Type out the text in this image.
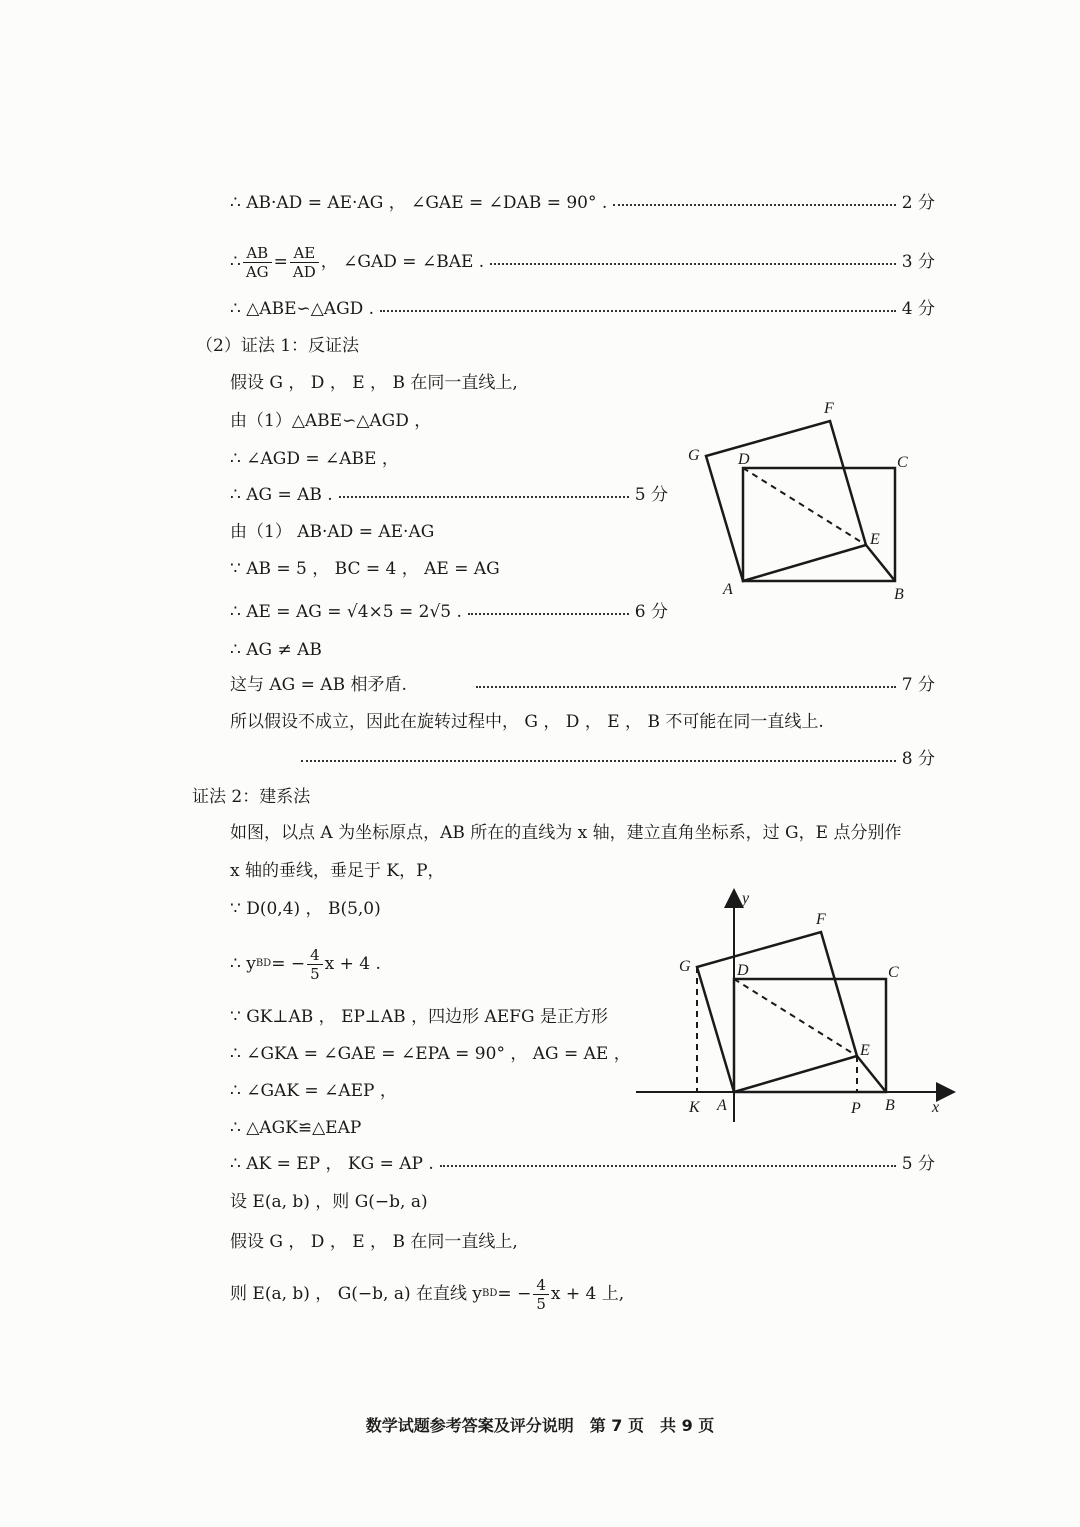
∴ AB·AD = AE·AG ， ∠GAE = ∠DAB = 90° .	2 分
∴ $\frac{AB}{AG} = \frac{AE}{AD}$ ， ∠GAD = ∠BAE .	3 分
∴ △ABE∽△AGD .	4 分
（2）证法 1：反证法
假设 G ， D ， E ， B 在同一直线上,
由（1）△ABE∽△AGD ，
∴ ∠AGD = ∠ABE ，
∴ AG = AB .	5 分
由（1） AB·AD = AE·AG
∵ AB = 5 ， BC = 4 ， AE = AG
∴ AE = AG = √4×5 = 2√5 .	6 分
∴ AG ≠ AB
这与 AG = AB 相矛盾.	7 分
所以假设不成立，因此在旋转过程中， G ， D ， E ， B 不可能在同一直线上.
8 分
F
G D	C
E
A	B
证法 2：建系法
如图，以点 A 为坐标原点，AB 所在的直线为 x 轴，建立直角坐标系，过 G，E 点分别作
x 轴的垂线，垂足于 K，P，
∵ D(0,4) ， B(5,0)
∴ y BD = − $\frac{4}{5}$ x + 4 .
∵ GK⊥AB ， EP⊥AB ，四边形 AEFG 是正方形
∴ ∠GKA = ∠GAE = ∠EPA = 90° ， AG = AE ，
∴ ∠GAK = ∠AEP ，
∴ △AGK≌△EAP
∴ AK = EP ， KG = AP .	5 分
设 E(a, b) ，则 G(−b, a)
假设 G ， D ， E ， B 在同一直线上,
则 E(a, b) ， G(−b, a) 在直线 y BD = − $\frac{4}{5}$ x + 4 上,
y
F
G	D	C
E
K A	P B x
数学试题参考答案及评分说明　第 7 页　共 9 页
